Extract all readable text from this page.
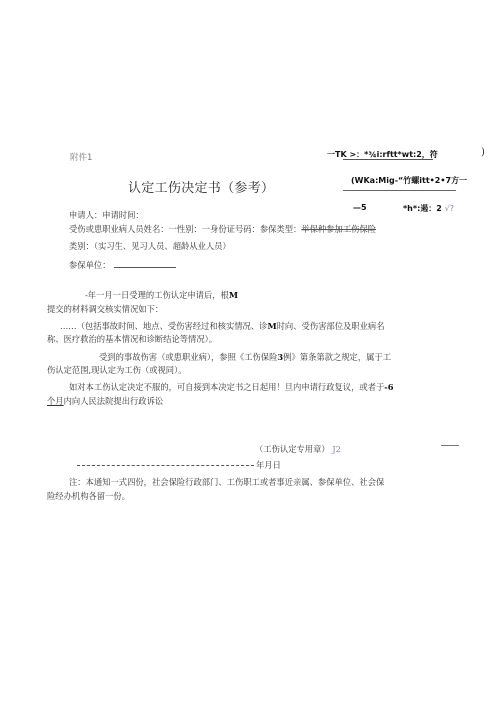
附件1
认定工伤决定书（参考）
一TK >：*¾i:rftt*wt:2，符	)
(WKa:Mig-“竹螺itt•2•7方一
—5	*h*:遏：2 √?
申请人：申请时间：
受伤或患职业病人员姓名：一性别：一身份证号码：参保类型：举保种参加工伤保险
类别：（实习生、见习人员、超龄从业人员）
参保单位：
-年一月一日受理的工伤认定申请后，根M
提交的材料调交核实情况如下：
……（包括事故时间、地点、受伤害经过和核实情况、诊M时向、受伤害部位及职业病名
称、医疗救治的基本情况和诊断结论等情况）。
受到的事故伤害（或患职业病），参照《工伤保险3例》第条第款之规定，属于工
伤认定范围,现认定为工伤（或视同）。
如对本工伤认定决定不服的，可自接到本决定书之日起用！旦内申请行政复议，或者于-6
个月内向人民法院提出行政诉讼
（工伤认定专用章） J2
年月日
注：本通知一式四份，社会保险行政部门、工伤职工或者事近亲属、参保单位、社会保
险经办机构各留一份。
